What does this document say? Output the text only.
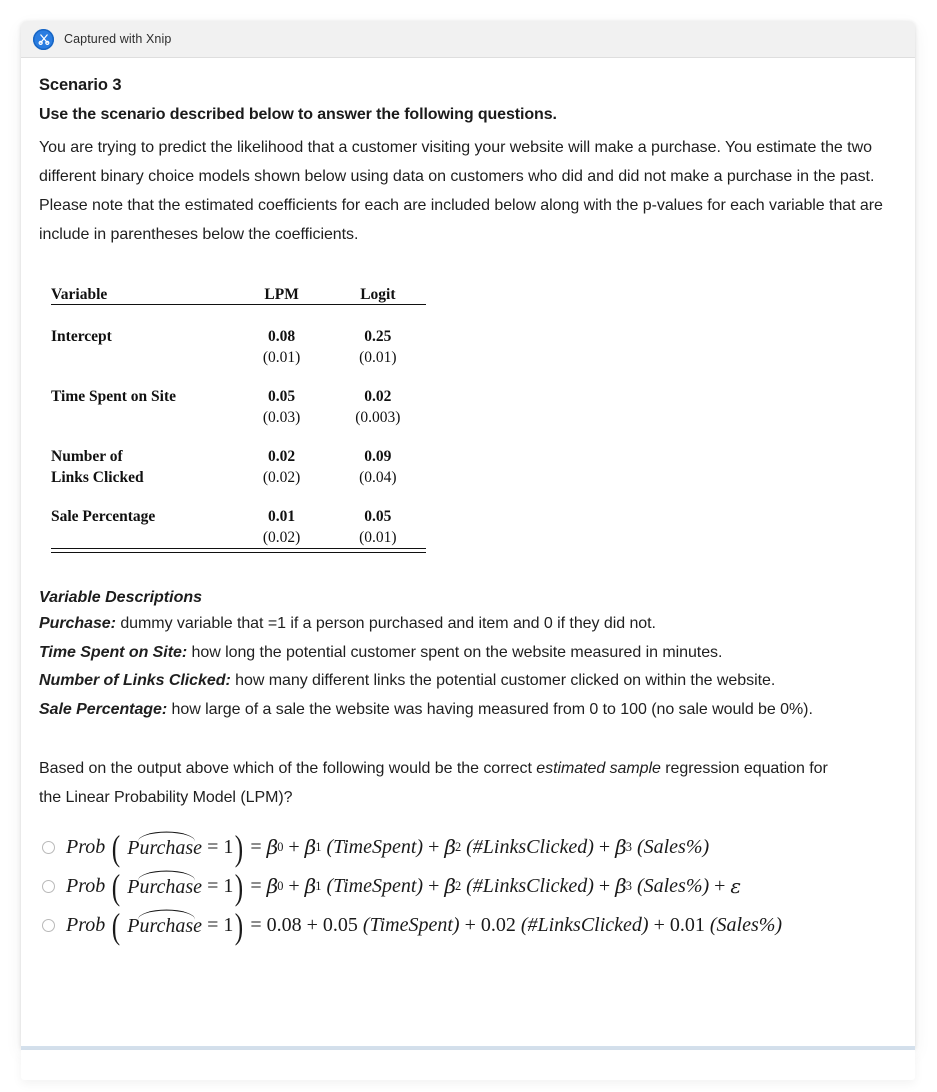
Captured with Xnip
Scenario 3
Use the scenario described below to answer the following questions.

You are trying to predict the likelihood that a customer visiting your website will make a purchase. You estimate the two different binary choice models shown below using data on customers who did and did not make a purchase in the past. Please note that the estimated coefficients for each are included below along with the p-values for each variable that are include in parentheses below the coefficients.

Variable	LPM	Logit

Intercept	0.08	0.25
	(0.01)	(0.01)

Time Spent on Site	0.05	0.02
	(0.03)	(0.003)

Number of	0.02	0.09
Links Clicked	(0.02)	(0.04)

Sale Percentage	0.01	0.05
	(0.02)	(0.01)

Variable Descriptions

Purchase: dummy variable that =1 if a person purchased and item and 0 if they did not.

Time Spent on Site: how long the potential customer spent on the website measured in minutes.

Number of Links Clicked: how many different links the potential customer clicked on within the website.

Sale Percentage: how large of a sale the website was having measured from 0 to 100 (no sale would be 0%).

Based on the output above which of the following would be the correct estimated sample regression equation for the Linear Probability Model (LPM)?
Prob ( Purchase = 1 ) = β 0 + β 1 (TimeSpent) + β 2 (#LinksClicked) + β 3 (Sales%)
Prob ( Purchase = 1 ) = β 0 + β 1 (TimeSpent) + β 2 (#LinksClicked) + β 3 (Sales%) + ε
Prob ( Purchase = 1 ) = 0.08 + 0.05 (TimeSpent) + 0.02 (#LinksClicked) + 0.01 (Sales%)
